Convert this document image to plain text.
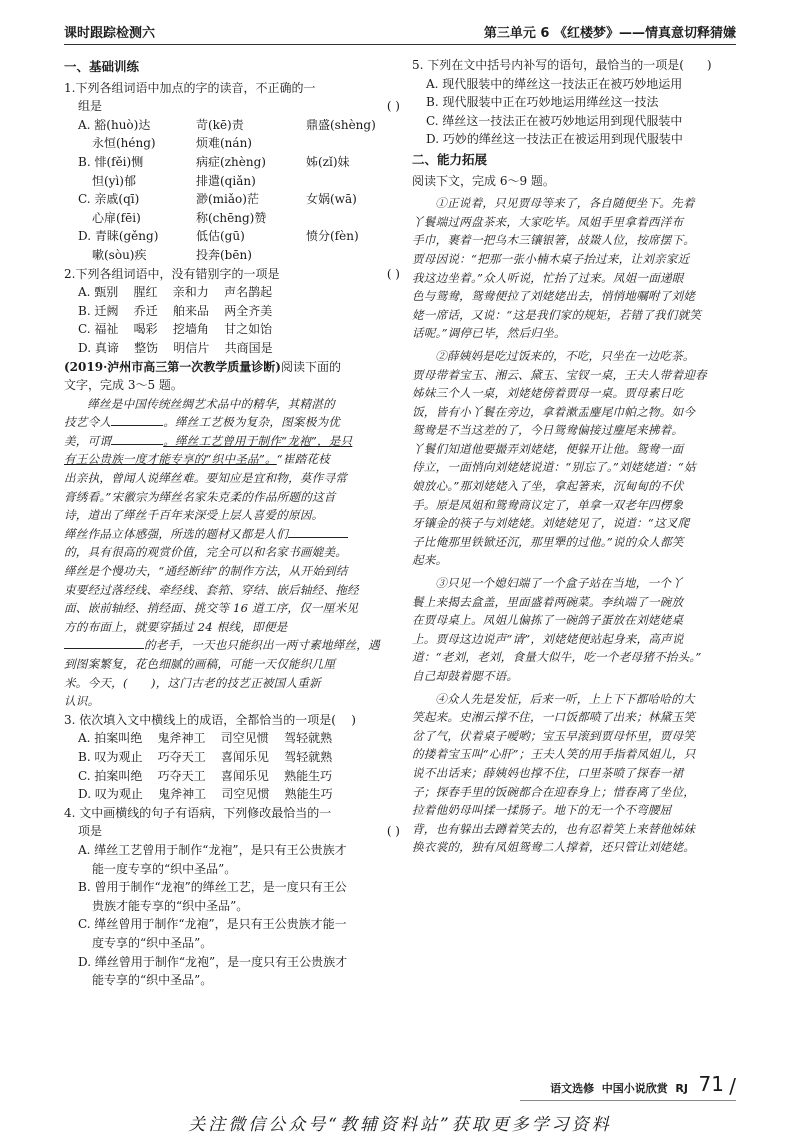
课时跟踪检测六	第三单元 6 《红楼梦》——情真意切释猜嫌
一、基础训练
1.下列各组词语中加点的字的读音，不正确的一
组是	( )
A. 豁(huò)达	苛(kē)责	鼎盛(shèng)
永恒(héng)	烦难(nán)
B. 悱(fěi)恻	病症(zhèng)	姊(zǐ)妹
怛(yì)郁	排遣(qiǎn)
C. 亲戚(qī)	渺(miǎo)茫	女娲(wā)
心扉(fēi)	称(chēng)赞
D. 青睐(gěng)	低估(gū)	愤分(fèn)
嗽(sòu)疾	投奔(bēn)
2.下列各组词语中，没有错别字的一项是	( )
A. 甄别    腥红    亲和力    声名鹊起
B. 迁阙    乔迁    舶来品    两全齐美
C. 福祉    喝彩    挖墙角    甘之如饴
D. 真谛    整饬    明信片    共商国是
(2019·泸州市高三第一次教学质量诊断)阅读下面的
文字，完成 3～5 题。
缂丝是中国传统丝绸艺术品中的精华，其精湛的
技艺令人	。缂丝工艺极为复杂，图案极为优
美，可谓	。缂丝工艺曾用于制作“龙袍”，是只
有王公贵族一度才能专享的“织中圣品”。“崔踏花枝
出亲执，曾闻人说缂丝难。要知应是宜和物，莫作寻常
膏绣看。”宋徽宗为缂丝名家朱克柔的作品所题的这首
诗，道出了缂丝千百年来深受上层人喜爱的原因。
缂丝作品立体感强，所选的题材又都是人们
的，具有很高的观赏价值，完全可以和名家书画媲美。
缂丝是个慢功夫，“通经断纬”的制作方法，从开始到结
束要经过落经线、牵经线、套筘、穿结、嵌后轴经、拖经
面、嵌前轴经、捎经面、挑交等 16 道工序，仅一厘米见
方的布面上，就要穿插过 24 根线，即便是
的老手，一天也只能织出一两寸素地缂丝，遇
到图案繁复，花色细腻的画稿，可能一天仅能织几厘
米。今天，(      )，这门古老的技艺正被国人重新
认识。
3. 依次填入文中横线上的成语，全都恰当的一项是(    )
A. 拍案叫绝    鬼斧神工    司空见惯    驾轻就熟
B. 叹为观止    巧夺天工    喜闻乐见    驾轻就熟
C. 拍案叫绝    巧夺天工    喜闻乐见    熟能生巧
D. 叹为观止    鬼斧神工    司空见惯    熟能生巧
4. 文中画横线的句子有语病，下列修改最恰当的一
项是	( )
A. 缂丝工艺曾用于制作“龙袍”，是只有王公贵族才
能一度专享的“织中圣品”。
B. 曾用于制作“龙袍”的缂丝工艺，是一度只有王公
贵族才能专享的“织中圣品”。
C. 缂丝曾用于制作“龙袍”，是只有王公贵族才能一
度专享的“织中圣品”。
D. 缂丝曾用于制作“龙袍”，是一度只有王公贵族才
能专享的“织中圣品”。
5. 下列在文中括号内补写的语句，最恰当的一项是(      )
A. 现代服装中的缂丝这一技法正在被巧妙地运用
B. 现代服装中正在巧妙地运用缂丝这一技法
C. 缂丝这一技法正在被巧妙地运用到现代服装中
D. 巧妙的缂丝这一技法正在被运用到现代服装中
二、能力拓展
阅读下文，完成 6～9 题。
①正说着，只见贾母等来了，各自随便坐下。先着
丫鬟端过两盘茶来，大家吃毕。凤姐手里拿着西洋布
手巾，裹着一把乌木三镶银箸，敁敠人位，按席摆下。
贾母因说：“把那一张小楠木桌子抬过来，让刘亲家近
我这边坐着。”众人听说，忙抬了过来。凤姐一面递眼
色与鸳鸯，鸳鸯便拉了刘姥姥出去，悄悄地嘱咐了刘姥
姥一席话，又说：“这是我们家的规矩，若错了我们就笑
话呢。”调停已毕，然后归坐。
②薛姨妈是吃过饭来的，不吃，只坐在一边吃茶。
贾母带着宝玉、湘云、黛玉、宝钗一桌，王夫人带着迎春
姊妹三个人一桌，刘姥姥傍着贾母一桌。贾母素日吃
饭，皆有小丫鬟在旁边，拿着漱盂麈尾巾帕之物。如今
鸳鸯是不当这差的了，今日鸳鸯偏接过麈尾来拂着。
丫鬟们知道他要撮弄刘姥姥，便躲开让他。鸳鸯一面
侍立，一面悄向刘姥姥说道：“别忘了。”刘姥姥道：“姑
娘放心。”那刘姥姥入了坐，拿起箸来，沉甸甸的不伏
手。原是凤姐和鸳鸯商议定了，单拿一双老年四楞象
牙镶金的筷子与刘姥姥。刘姥姥见了，说道：“这叉爬
子比俺那里铁锨还沉，那里犟的过他。”说的众人都笑
起来。
③只见一个媳妇端了一个盒子站在当地，一个丫
鬟上来揭去盒盖，里面盛着两碗菜。李纨端了一碗放
在贾母桌上。凤姐儿偏拣了一碗鸽子蛋放在刘姥姥桌
上。贾母这边说声“请”，刘姥姥便站起身来，高声说
道：“老刘，老刘，食量大似牛，吃一个老母猪不抬头。”
自己却鼓着腮不语。
④众人先是发怔，后来一听，上上下下都哈哈的大
笑起来。史湘云撑不住，一口饭都喷了出来；林黛玉笑
岔了气，伏着桌子嗳哟；宝玉早滚到贾母怀里，贾母笑
的搂着宝玉叫“心肝”；王夫人笑的用手指着凤姐儿，只
说不出话来；薛姨妈也撑不住，口里茶喷了探春一裙
子；探春手里的饭碗都合在迎春身上；惜春离了坐位，
拉着他奶母叫揉一揉肠子。地下的无一个不弯腰屈
背，也有躲出去蹲着笑去的，也有忍着笑上来替他姊妹
换衣裳的，独有凤姐鸳鸯二人撑着，还只管让刘姥姥。
语文选修  中国小说欣赏  RJ 71 /
关注微信公众号“教辅资料站”获取更多学习资料
